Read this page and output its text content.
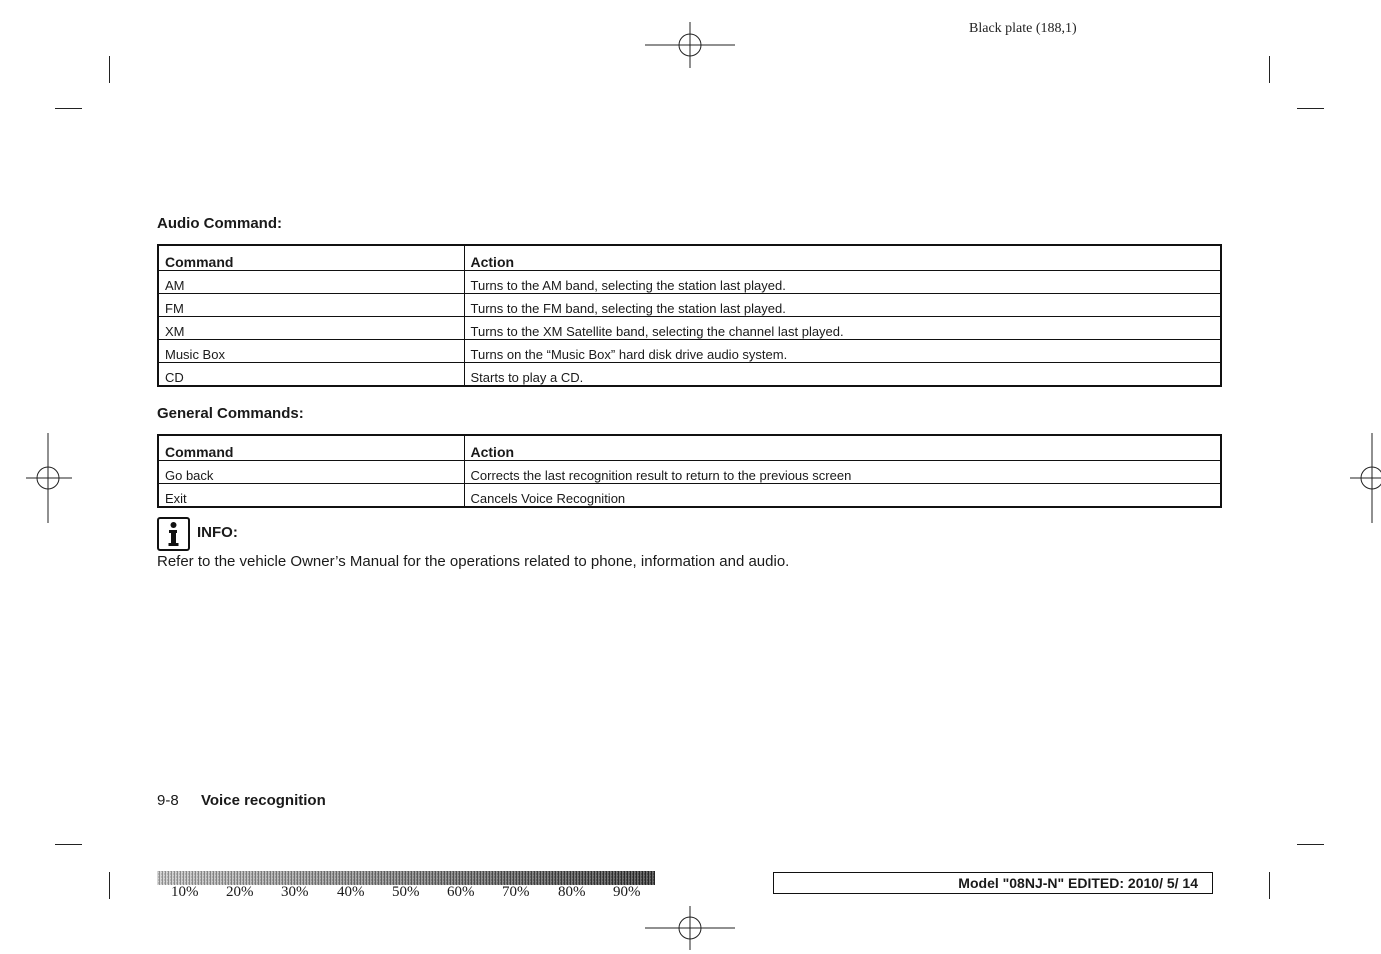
Black plate (188,1)
Audio Command:
Command	Action
AM	Turns to the AM band, selecting the station last played.
FM	Turns to the FM band, selecting the station last played.
XM	Turns to the XM Satellite band, selecting the channel last played.
Music Box	Turns on the “Music Box” hard disk drive audio system.
CD	Starts to play a CD.
General Commands:
Command	Action
Go back	Corrects the last recognition result to return to the previous screen
Exit	Cancels Voice Recognition
INFO:
Refer to the vehicle Owner’s Manual for the operations related to phone, information and audio.
9-8 Voice recognition
10% 20% 30% 40% 50% 60% 70% 80% 90%
Model "08NJ-N" EDITED: 2010/ 5/ 14
